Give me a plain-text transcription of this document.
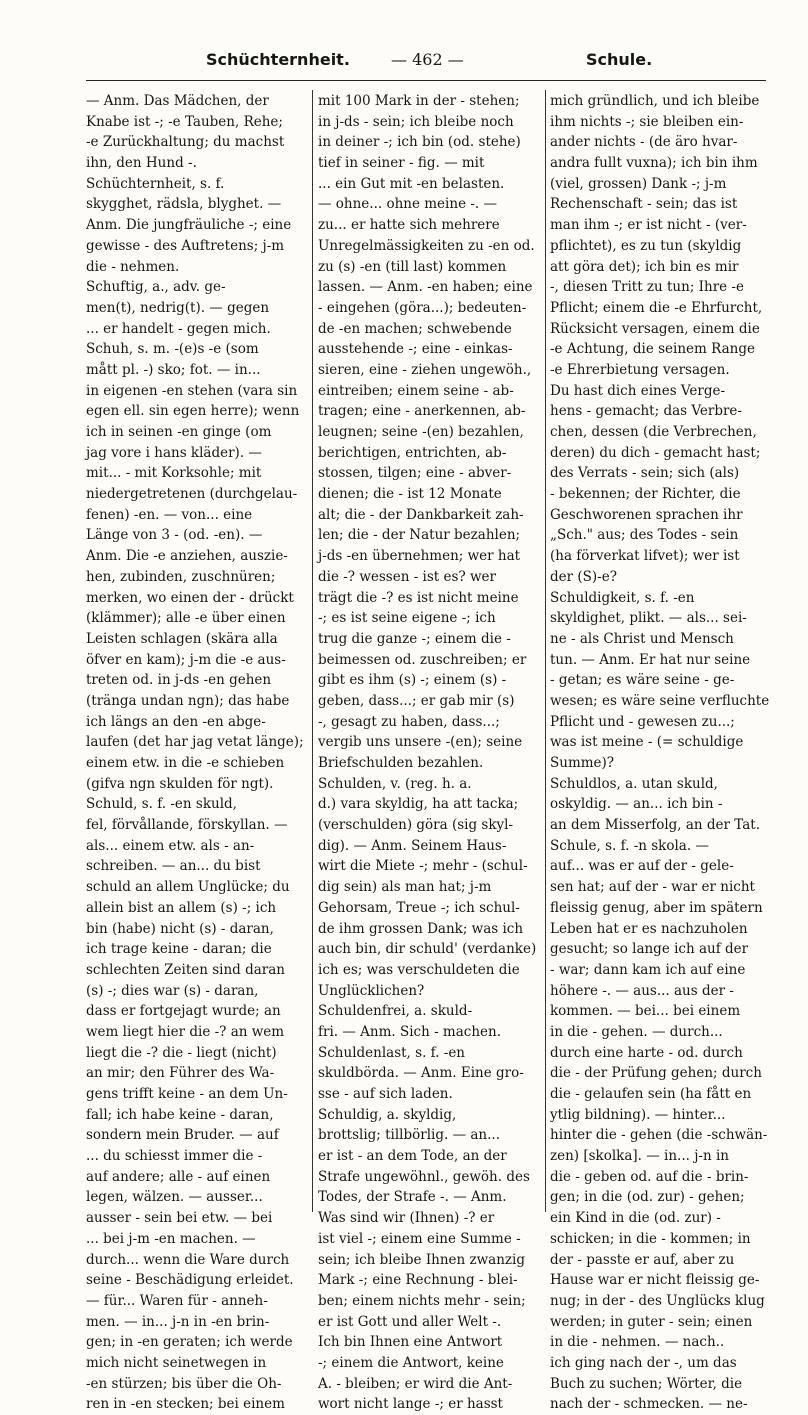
Schüchternheit.	— 462 —	Schule.
— Anm. Das Mädchen, der
Knabe ist -; -e Tauben, Rehe;
-e Zurückhaltung; du machst
ihn, den Hund -.
Schüchternheit, s. f.
skygghet, rädsla, blyghet. —
Anm. Die jungfräuliche -; eine
gewisse - des Auftretens; j-m
die - nehmen.
Schuftig, a., adv. ge-
men(t), nedrig(t). — gegen
... er handelt - gegen mich.
Schuh, s. m. -(e)s -e (som
mått pl. -) sko; fot. — in...
in eigenen -en stehen (vara sin
egen ell. sin egen herre); wenn
ich in seinen -en ginge (om
jag vore i hans kläder). —
mit... - mit Korksohle; mit
niedergetretenen (durchgelau-
fenen) -en. — von... eine
Länge von 3 - (od. -en). —
Anm. Die -e anziehen, auszie-
hen, zubinden, zuschnüren;
merken, wo einen der - drückt
(klämmer); alle -e über einen
Leisten schlagen (skära alla
öfver en kam); j-m die -e aus-
treten od. in j-ds -en gehen
(tränga undan ngn); das habe
ich längs an den -en abge-
laufen (det har jag vetat länge);
einem etw. in die -e schieben
(gifva ngn skulden för ngt).
Schuld, s. f. -en skuld,
fel, förvållande, förskyllan. —
als... einem etw. als - an-
schreiben. — an... du bist
schuld an allem Unglücke; du
allein bist an allem (s) -; ich
bin (habe) nicht (s) - daran,
ich trage keine - daran; die
schlechten Zeiten sind daran
(s) -; dies war (s) - daran,
dass er fortgejagt wurde; an
wem liegt hier die -? an wem
liegt die -? die - liegt (nicht)
an mir; den Führer des Wa-
gens trifft keine - an dem Un-
fall; ich habe keine - daran,
sondern mein Bruder. — auf
... du schiesst immer die -
auf andere; alle - auf einen
legen, wälzen. — ausser...
ausser - sein bei etw. — bei
... bei j-m -en machen. —
durch... wenn die Ware durch
seine - Beschädigung erleidet.
— für... Waren für - anneh-
men. — in... j-n in -en brin-
gen; in -en geraten; ich werde
mich nicht seinetwegen in
-en stürzen; bis über die Oh-
ren in -en stecken; bei einem
mit 100 Mark in der - stehen;
in j-ds - sein; ich bleibe noch
in deiner -; ich bin (od. stehe)
tief in seiner - fig. — mit
... ein Gut mit -en belasten.
— ohne... ohne meine -. —
zu... er hatte sich mehrere
Unregelmässigkeiten zu -en od.
zu (s) -en (till last) kommen
lassen. — Anm. -en haben; eine
- eingehen (göra...); bedeuten-
de -en machen; schwebende
ausstehende -; eine - einkas-
sieren, eine - ziehen ungewöh.,
eintreiben; einem seine - ab-
tragen; eine - anerkennen, ab-
leugnen; seine -(en) bezahlen,
berichtigen, entrichten, ab-
stossen, tilgen; eine - abver-
dienen; die - ist 12 Monate
alt; die - der Dankbarkeit zah-
len; die - der Natur bezahlen;
j-ds -en übernehmen; wer hat
die -? wessen - ist es? wer
trägt die -? es ist nicht meine
-; es ist seine eigene -; ich
trug die ganze -; einem die -
beimessen od. zuschreiben; er
gibt es ihm (s) -; einem (s) -
geben, dass...; er gab mir (s)
-, gesagt zu haben, dass...;
vergib uns unsere -(en); seine
Briefschulden bezahlen.
Schulden, v. (reg. h. a.
d.) vara skyldig, ha att tacka;
(verschulden) göra (sig skyl-
dig). — Anm. Seinem Haus-
wirt die Miete -; mehr - (schul-
dig sein) als man hat; j-m
Gehorsam, Treue -; ich schul-
de ihm grossen Dank; was ich
auch bin, dir schuld' (verdanke)
ich es; was verschuldeten die
Unglücklichen?
Schuldenfrei, a. skuld-
fri. — Anm. Sich - machen.
Schuldenlast, s. f. -en
skuldbörda. — Anm. Eine gro-
sse - auf sich laden.
Schuldig, a. skyldig,
brottslig; tillbörlig. — an...
er ist - an dem Tode, an der
Strafe ungewöhnl., gewöh. des
Todes, der Strafe -. — Anm.
Was sind wir (Ihnen) -? er
ist viel -; einem eine Summe -
sein; ich bleibe Ihnen zwanzig
Mark -; eine Rechnung - blei-
ben; einem nichts mehr - sein;
er ist Gott und aller Welt -.
Ich bin Ihnen eine Antwort
-; einem die Antwort, keine
A. - bleiben; er wird die Ant-
wort nicht lange -; er hasst
mich gründlich, und ich bleibe
ihm nichts -; sie bleiben ein-
ander nichts - (de äro hvar-
andra fullt vuxna); ich bin ihm
(viel, grossen) Dank -; j-m
Rechenschaft - sein; das ist
man ihm -; er ist nicht - (ver-
pflichtet), es zu tun (skyldig
att göra det); ich bin es mir
-, diesen Tritt zu tun; Ihre -e
Pflicht; einem die -e Ehrfurcht,
Rücksicht versagen, einem die
-e Achtung, die seinem Range
-e Ehrerbietung versagen.
Du hast dich eines Verge-
hens - gemacht; das Verbre-
chen, dessen (die Verbrechen,
deren) du dich - gemacht hast;
des Verrats - sein; sich (als)
- bekennen; der Richter, die
Geschworenen sprachen ihr
„Sch." aus; des Todes - sein
(ha förverkat lifvet); wer ist
der (S)-e?
Schuldigkeit, s. f. -en
skyldighet, plikt. — als... sei-
ne - als Christ und Mensch
tun. — Anm. Er hat nur seine
- getan; es wäre seine - ge-
wesen; es wäre seine verfluchte
Pflicht und - gewesen zu...;
was ist meine - (= schuldige
Summe)?
Schuldlos, a. utan skuld,
oskyldig. — an... ich bin -
an dem Misserfolg, an der Tat.
Schule, s. f. -n skola. —
auf... was er auf der - gele-
sen hat; auf der - war er nicht
fleissig genug, aber im spätern
Leben hat er es nachzuholen
gesucht; so lange ich auf der
- war; dann kam ich auf eine
höhere -. — aus... aus der -
kommen. — bei... bei einem
in die - gehen. — durch...
durch eine harte - od. durch
die - der Prüfung gehen; durch
die - gelaufen sein (ha fått en
ytlig bildning). — hinter...
hinter die - gehen (die -schwän-
zen) [skolka]. — in... j-n in
die - geben od. auf die - brin-
gen; in die (od. zur) - gehen;
ein Kind in die (od. zur) -
schicken; in die - kommen; in
der - passte er auf, aber zu
Hause war er nicht fleissig ge-
nug; in der - des Unglücks klug
werden; in guter - sein; einen
in die - nehmen. — nach..
ich ging nach der -, um das
Buch zu suchen; Wörter, die
nach der - schmecken. — ne-
